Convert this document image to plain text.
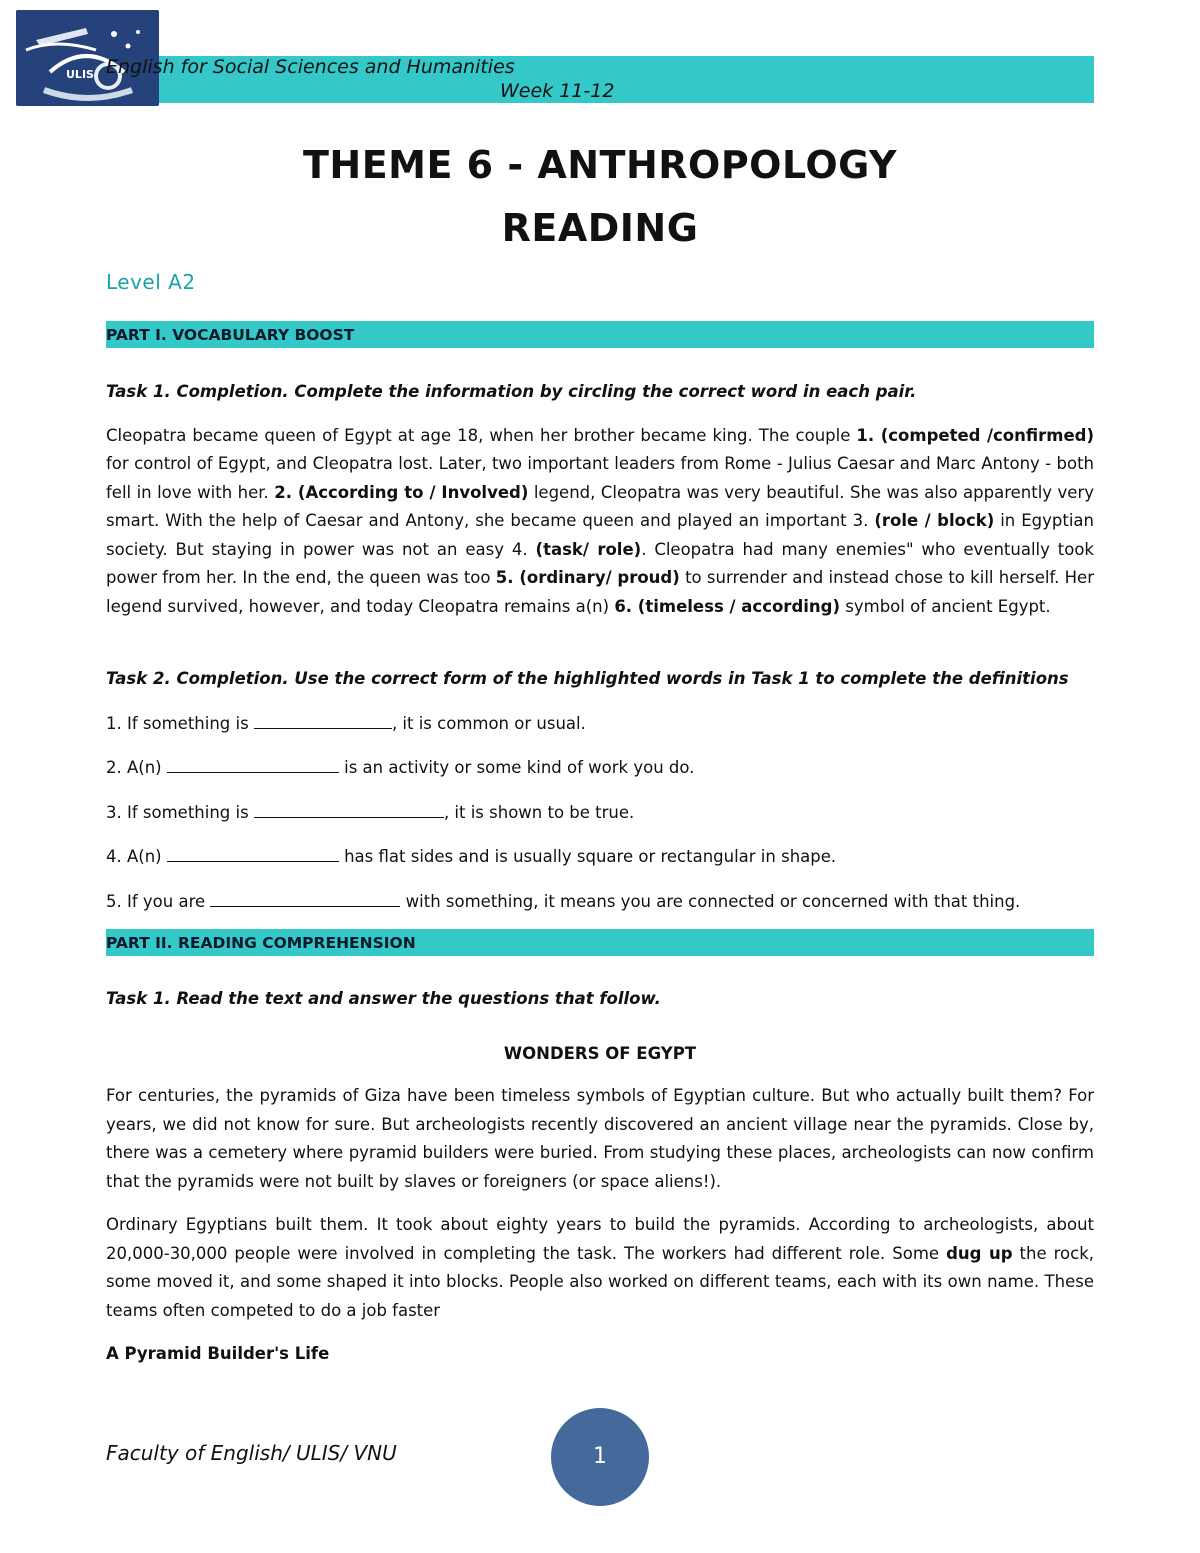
ULIS English for Social Sciences and Humanities
Week 11-12
THEME 6 - ANTHROPOLOGY
READING
Level A2
PART I. VOCABULARY BOOST

Task 1. Completion. Complete the information by circling the correct word in each pair.

Cleopatra became queen of Egypt at age 18, when her brother became king. The couple 1. (competed /confirmed) for control of Egypt, and Cleopatra lost. Later, two important leaders from Rome - Julius Caesar and Marc Antony - both fell in love with her. 2. (According to / Involved) legend, Cleopatra was very beautiful. She was also apparently very smart. With the help of Caesar and Antony, she became queen and played an important 3. (role / block) in Egyptian society. But staying in power was not an easy 4. (task/ role). Cleopatra had many enemies" who eventually took power from her. In the end, the queen was too 5. (ordinary/ proud) to surrender and instead chose to kill herself. Her legend survived, however, and today Cleopatra remains a(n) 6. (timeless / according) symbol of ancient Egypt.

Task 2. Completion. Use the correct form of the highlighted words in Task 1 to complete the definitions

1. If something is	, it is common or usual.

2. A(n)	is an activity or some kind of work you do.

3. If something is	, it is shown to be true.

4. A(n)	has flat sides and is usually square or rectangular in shape.

5. If you are	with something, it means you are connected or concerned with that thing.

PART II. READING COMPREHENSION

Task 1. Read the text and answer the questions that follow.

WONDERS OF EGYPT

For centuries, the pyramids of Giza have been timeless symbols of Egyptian culture. But who actually built them? For years, we did not know for sure. But archeologists recently discovered an ancient village near the pyramids. Close by, there was a cemetery where pyramid builders were buried. From studying these places, archeologists can now confirm that the pyramids were not built by slaves or foreigners (or space aliens!).

Ordinary Egyptians built them. It took about eighty years to build the pyramids. According to archeologists, about 20,000-30,000 people were involved in completing the task. The workers had different role. Some dug up the rock, some moved it, and some shaped it into blocks. People also worked on different teams, each with its own name. These teams often competed to do a job faster

A Pyramid Builder's Life

Faculty of English/ ULIS/ VNU	1
